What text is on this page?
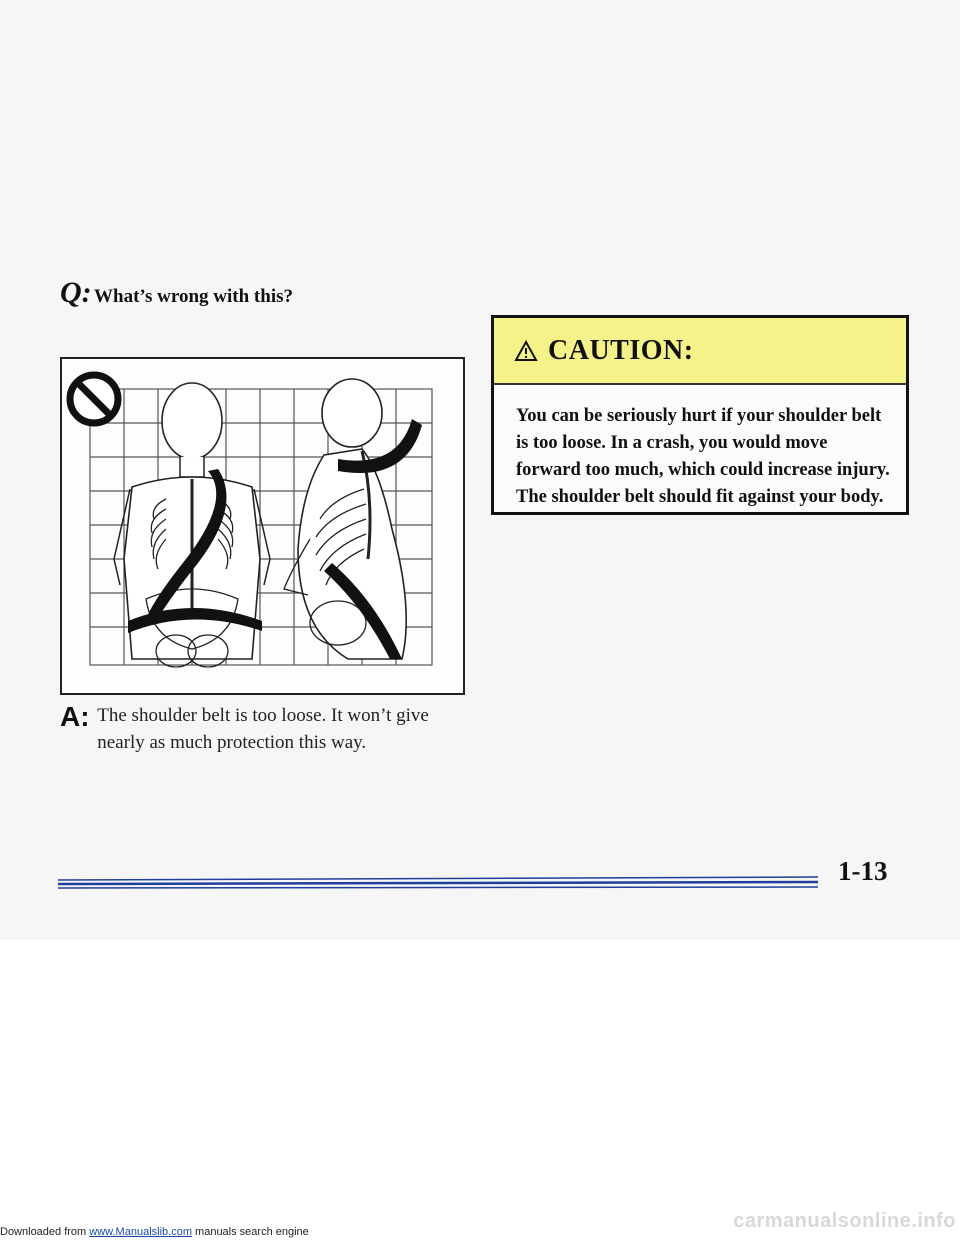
Q: What’s wrong with this?
A: The shoulder belt is too loose. It won’t give nearly as much protection this way.
CAUTION:
You can be seriously hurt if your shoulder belt is too loose. In a crash, you would move forward too much, which could increase injury. The shoulder belt should fit against your body.
1-13
carmanualsonline.info
Downloaded from www.Manualslib.com manuals search engine
